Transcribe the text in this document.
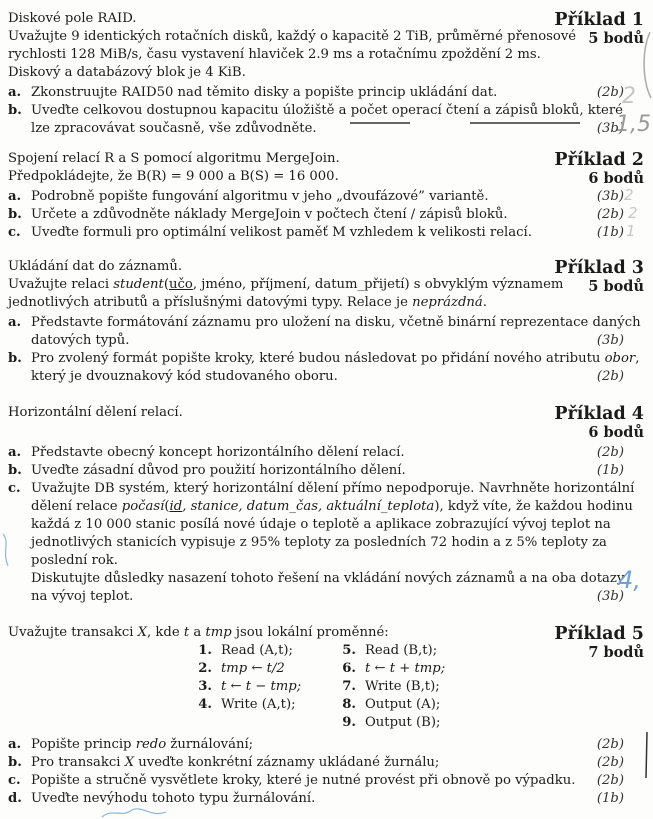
Příklad 1
5 bodů
Diskové pole RAID.
Uvažujte 9 identických rotačních disků, každý o kapacitě 2 TiB, průměrné přenosové
rychlosti 128 MiB/s, času vystavení hlaviček 2.9 ms a rotačnímu zpoždění 2 ms.
Diskový a databázový blok je 4 KiB.
a. Zkonstruujte RAID50 nad těmito disky a popište princip ukládání dat.	(2b)
b. Uveďte celkovou dostupnou kapacitu úložiště a počet operací čtení a zápisů bloků, které
lze zpracovávat současně, vše zdůvodněte.	(3b)
2
1,5
Příklad 2
6 bodů
Spojení relací R a S pomocí algoritmu MergeJoin.
Předpokládejte, že B(R) = 9 000 a B(S) = 16 000.
a. Podrobně popište fungování algoritmu v jeho „dvoufázové” variantě.	(3b)
b. Určete a zdůvodněte náklady MergeJoin v počtech čtení / zápisů bloků.	(2b)
c. Uveďte formuli pro optimální velikost paměť M vzhledem k velikosti relací.	(1b)
2
2
1
Příklad 3
5 bodů
Ukládání dat do záznamů.
Uvažujte relaci student(učo, jméno, příjmení, datum_přijetí) s obvyklým významem
jednotlivých atributů a příslušnými datovými typy. Relace je neprázdná.
a. Představte formátování záznamu pro uložení na disku, včetně binární reprezentace daných
datových typů.	(3b)
b. Pro zvolený formát popište kroky, které budou následovat po přidání nového atributu obor,
který je dvouznakový kód studovaného oboru.	(2b)
Příklad 4
6 bodů
Horizontální dělení relací.
a. Představte obecný koncept horizontálního dělení relací.	(2b)
b. Uveďte zásadní důvod pro použití horizontálního dělení.	(1b)
c. Uvažujte DB systém, který horizontální dělení přímo nepodporuje. Navrhněte horizontální
dělení relace počasí(id, stanice, datum_čas, aktuální_teplota), když víte, že každou hodinu
každá z 10 000 stanic posílá nové údaje o teplotě a aplikace zobrazující vývoj teplot na
jednotlivých stanicích vypisuje z 95% teploty za posledních 72 hodin a z 5% teploty za
poslední rok.
Diskutujte důsledky nasazení tohoto řešení na vkládání nových záznamů a na oba dotazy
na vývoj teplot.	(3b)
4,
Příklad 5
7 bodů
Uvažujte transakci X, kde t a tmp jsou lokální proměnné:
1. Read (A,t);
2. tmp ← t/2
3. t ← t − tmp;
4. Write (A,t);
5. Read (B,t);
6. t ← t + tmp;
7. Write (B,t);
8. Output (A);
9. Output (B);
a. Popište princip redo žurnálování;	(2b)
b. Pro transakci X uveďte konkrétní záznamy ukládané žurnálu;	(2b)
c. Popište a stručně vysvětlete kroky, které je nutné provést při obnově po výpadku. (2b)
d. Uveďte nevýhodu tohoto typu žurnálování.	(1b)
